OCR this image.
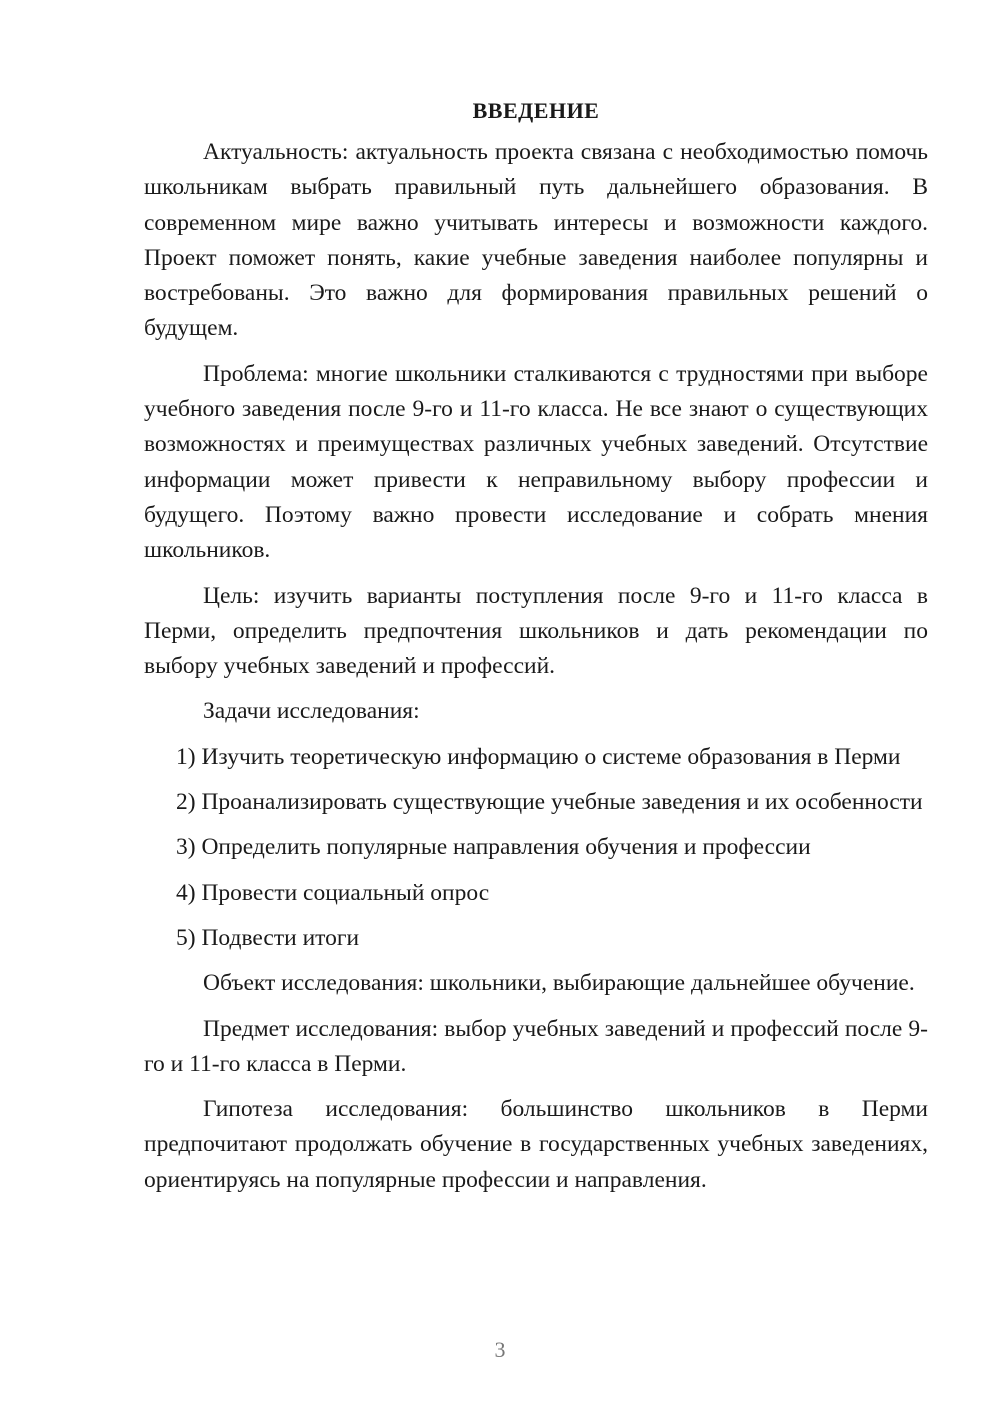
ВВЕДЕНИЕ

Актуальность: актуальность проекта связана с необходимостью помочь школьникам выбрать правильный путь дальнейшего образования. В современном мире важно учитывать интересы и возможности каждого. Проект поможет понять, какие учебные заведения наиболее популярны и востребованы. Это важно для формирования правильных решений о будущем.

Проблема: многие школьники сталкиваются с трудностями при выборе учебного заведения после 9-го и 11-го класса. Не все знают о существующих возможностях и преимуществах различных учебных заведений. Отсутствие информации может привести к неправильному выбору профессии и будущего. Поэтому важно провести исследование и собрать мнения школьников.

Цель: изучить варианты поступления после 9-го и 11-го класса в Перми, определить предпочтения школьников и дать рекомендации по выбору учебных заведений и профессий.

Задачи исследования:

1) Изучить теоретическую информацию о системе образования в Перми

2) Проанализировать существующие учебные заведения и их особенности

3) Определить популярные направления обучения и профессии

4) Провести социальный опрос

5) Подвести итоги

Объект исследования: школьники, выбирающие дальнейшее обучение.

Предмет исследования: выбор учебных заведений и профессий после 9-го и 11-го класса в Перми.

Гипотеза исследования: большинство школьников в Перми предпочитают продолжать обучение в государственных учебных заведениях, ориентируясь на популярные профессии и направления.

3
